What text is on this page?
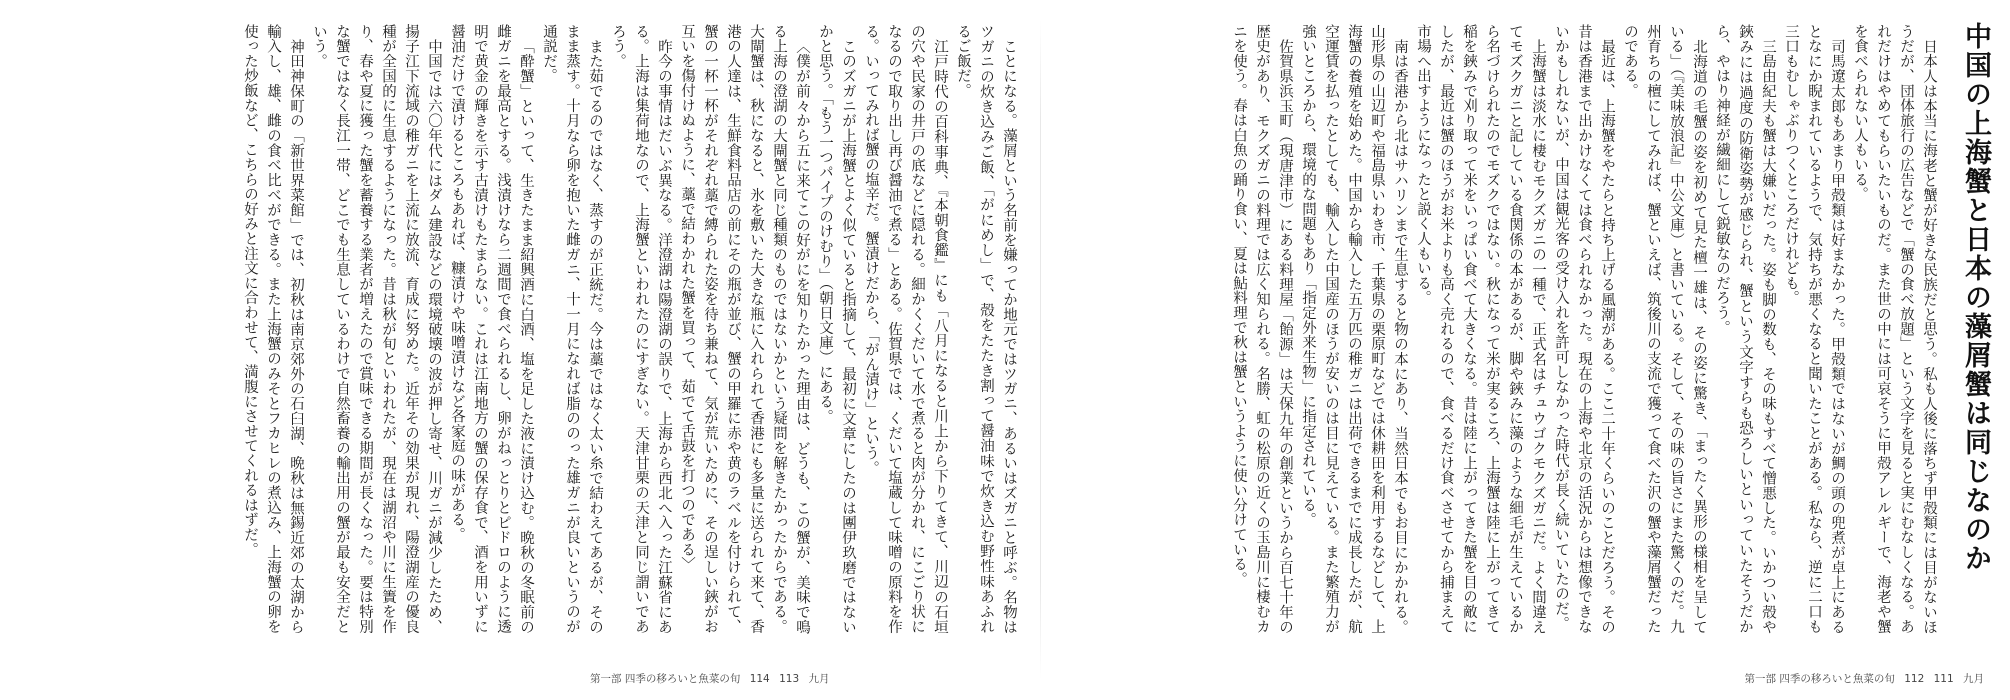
中国の上海蟹と日本の藻屑蟹は同じなのか

日本人は本当に海老と蟹が好きな民族だと思う。私も人後に落ちず甲殻類には目がないほうだが、団体旅行の広告などで「蟹の食べ放題」という文字を見ると実にむなしくなる。あれだけはやめてもらいたいものだ。また世の中には可哀そうに甲殻アレルギーで、海老や蟹を食べられない人もいる。

司馬遼太郎もあまり甲殻類は好まなかった。甲殻類ではないが鯛の頭の兜煮が卓上にあるとなにか睨まれているようで、気持ちが悪くなると聞いたことがある。私なら、逆に二口も三口もむしゃぶりつくところだけれども。

三島由紀夫も蟹は大嫌いだった。姿も脚の数も、その味もすべて憎悪した。いかつい殻や鋏みには過度の防衛姿勢が感じられ、蟹という文字すらも恐ろしいといっていたそうだから、やはり神経が繊細にして鋭敏なのだろう。

北海道の毛蟹の姿を初めて見た檀一雄は、その姿に驚き、「まったく異形の様相を呈している」（『美味放浪記』中公文庫）と書いている。そして、その味の旨さにまた驚くのだ。九州育ちの檀にしてみれば、蟹といえば、筑後川の支流で獲って食べた沢の蟹や藻屑蟹だったのである。

最近は、上海蟹をやたらと持ち上げる風潮がある。ここ二十年くらいのことだろう。その昔は香港まで出かけなくては食べられなかった。現在の上海や北京の活況からは想像できないかもしれないが、中国は観光客の受け入れを許可しなかった時代が長く続いていたのだ。

上海蟹は淡水に棲むモクズガニの一種で、正式名はチュウゴクモクズガニだ。よく間違えてモズクガニと記している食関係の本があるが、脚や鋏みに藻のような細毛が生えているから名づけられたのでモズクではない。秋になって米が実るころ、上海蟹は陸に上がってきて稲を鋏みで刈り取って米をいっぱい食べて大きくなる。昔は陸に上がってきた蟹を目の敵にしたが、最近は蟹のほうがお米よりも高く売れるので、食べるだけ食べさせてから捕まえて市場へ出すようになったと説く人もいる。

南は香港から北はサハリンまで生息すると物の本にあり、当然日本でもお目にかかれる。山形県の山辺町や福島県いわき市、千葉県の栗原町などでは休耕田を利用するなどして、上海蟹の養殖を始めた。中国から輸入した五万匹の稚ガニは出荷できるまでに成長したが、航空運賃を払ったとしても、輸入した中国産のほうが安いのは目に見えている。また繁殖力が強いところから、環境的な問題もあり「指定外来生物」に指定されている。

佐賀県浜玉町（現唐津市）にある料理屋「飴源」は天保九年の創業というから百七十年の歴史があり、モクズガニの料理では広く知られる。名勝、虹の松原の近くの玉島川に棲むカニを使う。春は白魚の踊り食い、夏は鮎料理で秋は蟹というように使い分けている。

第一部 四季の移ろいと魚菜の旬 112 111 九月

ことになる。藻屑という名前を嫌ってか地元ではツガニ、あるいはズガニと呼ぶ。名物はツガニの炊き込みご飯、「がにめし」で、殻をたたき割って醤油味で炊き込む野性味あふれるご飯だ。

江戸時代の百科事典、『本朝食鑑』にも「八月になると川上から下りてきて、川辺の石垣の穴や民家の井戸の底などに隠れる。細かくくだいて水で煮ると肉が分かれ、にこごり状になるので取り出し再び醤油で煮る」とある。佐賀県では、くだいて塩蔵して味噌の原料を作る。いってみれば蟹の塩辛だ。蟹漬けだから、「がん漬け」という。

このズガニが上海蟹とよく似ていると指摘して、最初に文章にしたのは團伊玖磨ではないかと思う。「もう一つパイプのけむり」（朝日文庫）にある。

〈僕が前々から五に来てこの好がにを知りたかった理由は、どうも、この蟹が、美味で鳴る上海の澄湖の大閘蟹と同じ種類のものではないかという疑問を解きたかったからである。大閘蟹は、秋になると、氷を敷いた大きな瓶に入れられて香港にも多量に送られて来て、香港の人達は、生鮮食料品店の前にその瓶が並び、蟹の甲羅に赤や黄のラベルを付けられて、蟹の一杯一杯がそれぞれ藁で縛られた姿を待ち兼ねて、気が荒いために、その逞しい鋏がお互いを傷付けぬように、藁で結わかれた蟹を買って、茹でて舌鼓を打つのである〉

昨今の事情はだいぶ異なる。洋澄湖は陽澄湖の誤りで、上海から西北へ入った江蘇省にある。上海は集荷地なので、上海蟹といわれたのにすぎない。天津甘栗の天津と同じ謂いであろう。

また茹でるのではなく、蒸すのが正統だ。今は藁ではなく太い糸で結わえてあるが、そのまま蒸す。十月なら卵を抱いた雌ガニ、十一月になれば脂ののった雄ガニが良いというのが通説だ。

「酔蟹」といって、生きたまま紹興酒に白酒、塩を足した液に漬け込む。晩秋の冬眠前の雌ガニを最高とする。浅漬けなら二週間で食べられるし、卵がねっとりとピドロのように透明で黄金の輝きを示す古漬けもたまらない。これは江南地方の蟹の保存食で、酒を用いずに醤油だけで漬けるところもあれば、糠漬けや味噌漬けなど各家庭の味がある。

中国では六〇年代にはダム建設などの環境破壊の波が押し寄せ、川ガニが減少したため、揚子江下流域の稚ガニを上流に放流、育成に努めた。近年その効果が現れ、陽澄湖産の優良種が全国的に生息するようになった。昔は秋が旬といわれたが、現在は湖沼や川に生簀を作り、春や夏に獲った蟹を蓄養する業者が増えたので賞味できる期間が長くなった。要は特別な蟹ではなく長江一帯、どこでも生息しているわけで自然畜養の輸出用の蟹が最も安全だという。

神田神保町の「新世界菜館」では、初秋は南京郊外の石臼湖、晩秋は無錫近郊の太湖から輸入し、雄、雌の食べ比べができる。また上海蟹のみそとフカヒレの煮込み、上海蟹の卵を使った炒飯など、こちらの好みと注文に合わせて、満腹にさせてくれるはずだ。

第一部 四季の移ろいと魚菜の旬 114 113 九月
